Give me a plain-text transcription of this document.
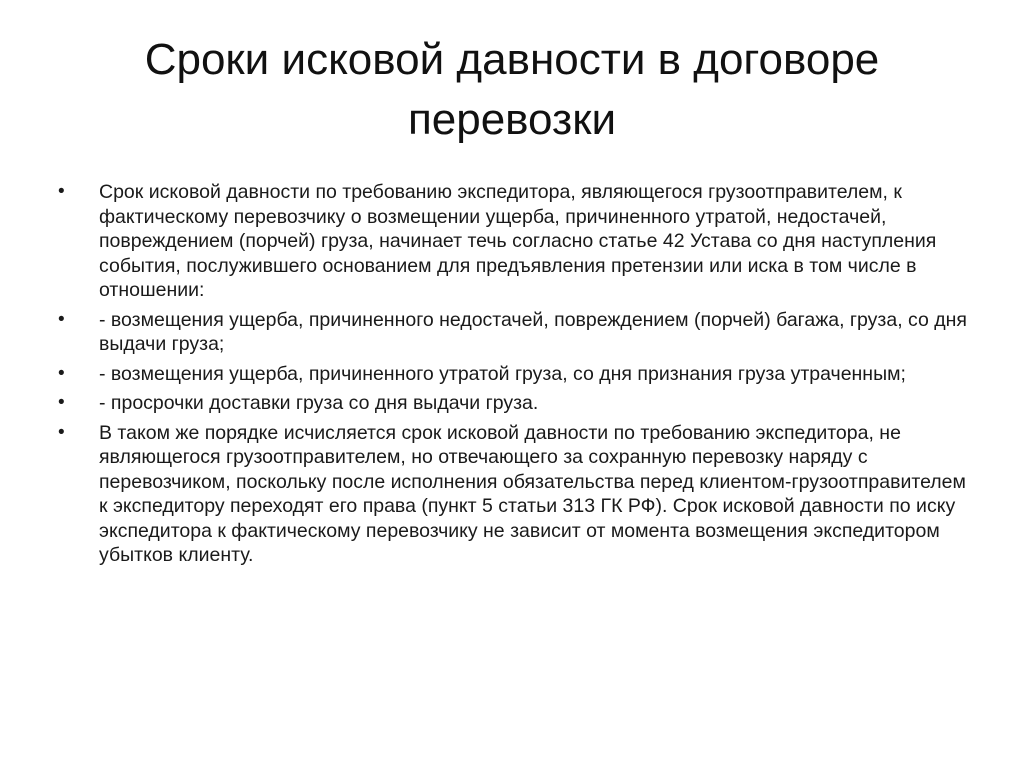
Сроки исковой давности в договоре перевозки
•	Срок исковой давности по требованию экспедитора, являющегося грузоотправителем, к фактическому перевозчику о возмещении ущерба, причиненного утратой, недостачей, повреждением (порчей) груза, начинает течь согласно статье 42 Устава со дня наступления события, послужившего основанием для предъявления претензии или иска в том числе в отношении:
•	- возмещения ущерба, причиненного недостачей, повреждением (порчей) багажа, груза, со дня выдачи груза;
•	- возмещения ущерба, причиненного утратой груза, со дня признания груза утраченным;
•	- просрочки доставки груза со дня выдачи груза.
•	В таком же порядке исчисляется срок исковой давности по требованию экспедитора, не являющегося грузоотправителем, но отвечающего за сохранную перевозку наряду с перевозчиком, поскольку после исполнения обязательства перед клиентом-грузоотправителем к экспедитору переходят его права (пункт 5 статьи 313 ГК РФ). Срок исковой давности по иску экспедитора к фактическому перевозчику не зависит от момента возмещения экспедитором убытков клиенту.
